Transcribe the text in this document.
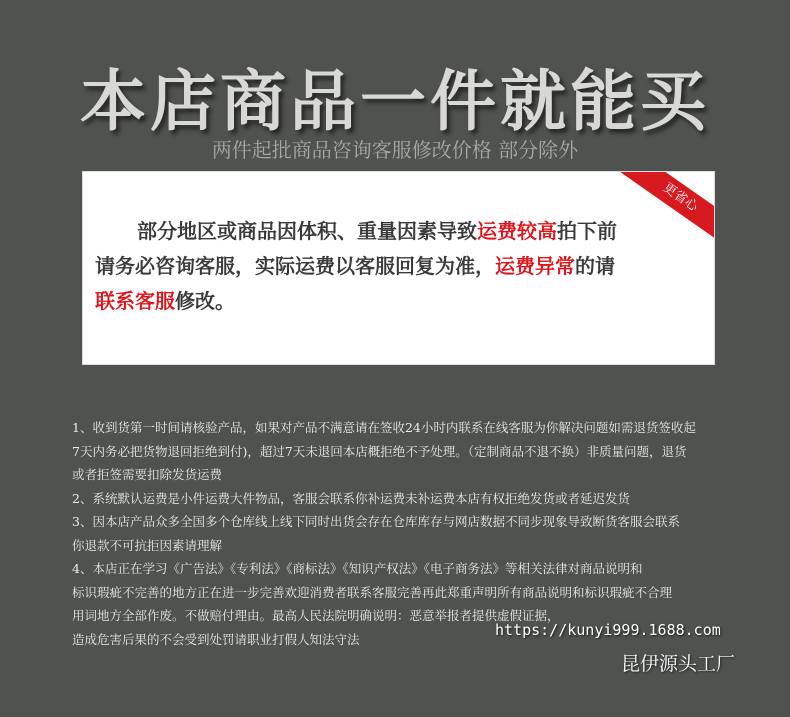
本店商品一件就能买
两件起批商品咨询客服修改价格 部分除外
更省心
部分地区或商品因体积、重量因素导致运费较高拍下前
请务必咨询客服，实际运费以客服回复为准，运费异常的请
联系客服修改。
1、收到货第一时间请核验产品，如果对产品不满意请在签收24小时内联系在线客服为你解决问题如需退货签收起
7天内务必把货物退回拒绝到付)，超过7天未退回本店概拒绝不予处理。（定制商品不退不换）非质量问题，退货
或者拒签需要扣除发货运费
2、系统默认运费是小件运费大件物品，客服会联系你补运费未补运费本店有权拒绝发货或者延迟发货
3、因本店产品众多全国多个仓库线上线下同时出货会存在仓库库存与网店数据不同步现象导致断货客服会联系
你退款不可抗拒因素请理解
4、本店正在学习《广告法》《专利法》《商标法》《知识产权法》《电子商务法》等相关法律对商品说明和
标识瑕疵不完善的地方正在进一步完善欢迎消费者联系客服完善再此郑重声明所有商品说明和标识瑕疵不合理
用词地方全部作废。不做赔付理由。最高人民法院明确说明：恶意举报者提供虚假证据，
造成危害后果的不会受到处罚请职业打假人知法守法	https://kunyi999.1688.com
昆伊源头工厂
